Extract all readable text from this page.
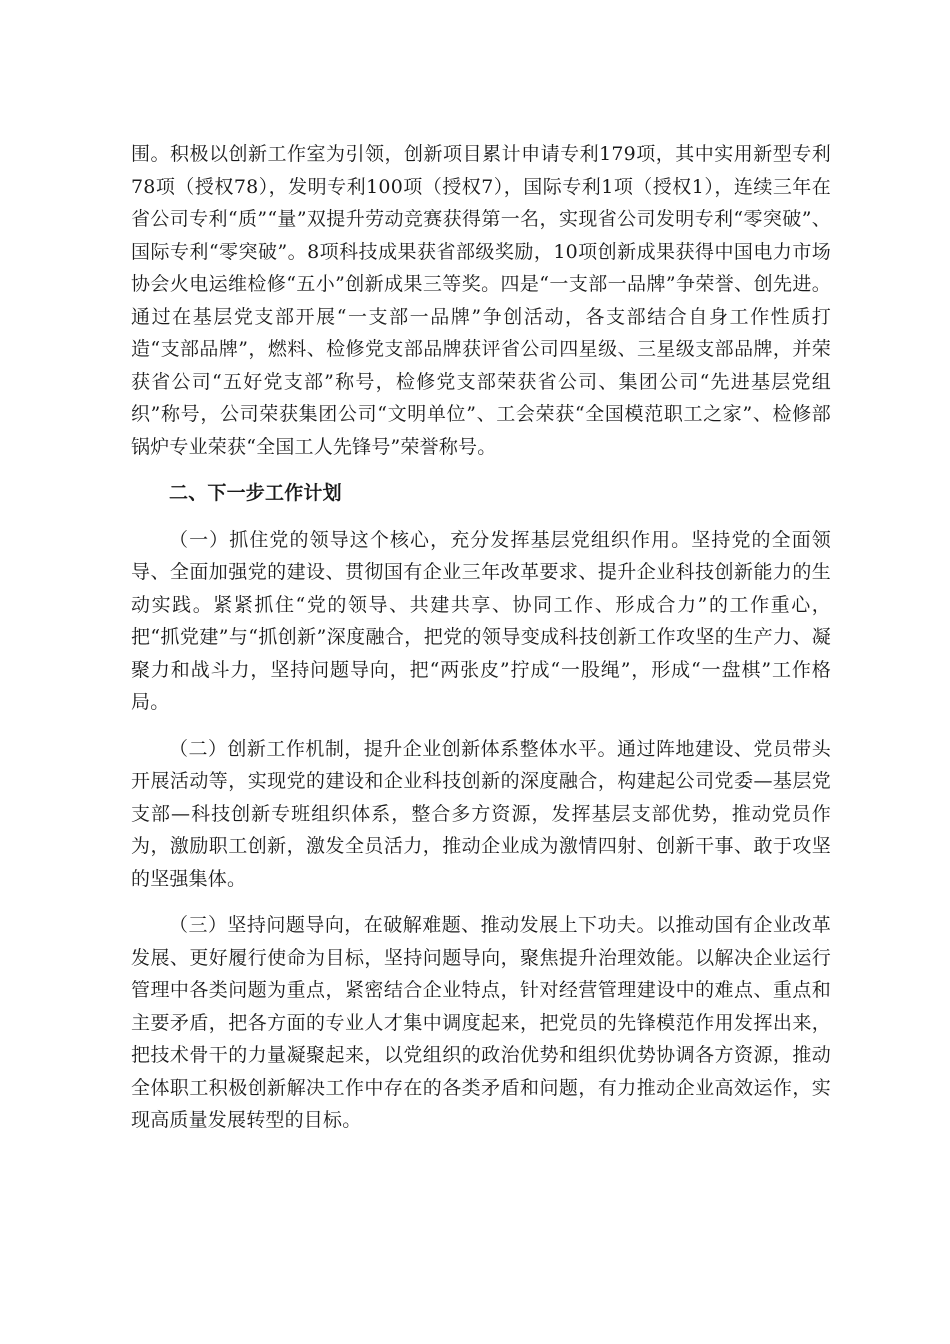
围。积极以创新工作室为引领，创新项目累计申请专利179项，其中实用新型专利78项（授权78），发明专利100项（授权7），国际专利1项（授权1），连续三年在省公司专利“质”“量”双提升劳动竞赛获得第一名，实现省公司发明专利“零突破”、国际专利“零突破”。8项科技成果获省部级奖励，10项创新成果获得中国电力市场协会火电运维检修“五小”创新成果三等奖。四是“一支部一品牌”争荣誉、创先进。通过在基层党支部开展“一支部一品牌”争创活动，各支部结合自身工作性质打造“支部品牌”，燃料、检修党支部品牌获评省公司四星级、三星级支部品牌，并荣获省公司“五好党支部”称号，检修党支部荣获省公司、集团公司“先进基层党组织”称号，公司荣获集团公司“文明单位”、工会荣获“全国模范职工之家”、检修部锅炉专业荣获“全国工人先锋号”荣誉称号。

二、下一步工作计划

（一）抓住党的领导这个核心，充分发挥基层党组织作用。坚持党的全面领导、全面加强党的建设、贯彻国有企业三年改革要求、提升企业科技创新能力的生动实践。紧紧抓住“党的领导、共建共享、协同工作、形成合力”的工作重心，把“抓党建”与“抓创新”深度融合，把党的领导变成科技创新工作攻坚的生产力、凝聚力和战斗力，坚持问题导向，把“两张皮”拧成“一股绳”，形成“一盘棋”工作格局。

（二）创新工作机制，提升企业创新体系整体水平。通过阵地建设、党员带头开展活动等，实现党的建设和企业科技创新的深度融合，构建起公司党委—基层党支部—科技创新专班组织体系，整合多方资源，发挥基层支部优势，推动党员作为，激励职工创新，激发全员活力，推动企业成为激情四射、创新干事、敢于攻坚的坚强集体。

（三）坚持问题导向，在破解难题、推动发展上下功夫。以推动国有企业改革发展、更好履行使命为目标，坚持问题导向，聚焦提升治理效能。以解决企业运行管理中各类问题为重点，紧密结合企业特点，针对经营管理建设中的难点、重点和主要矛盾，把各方面的专业人才集中调度起来，把党员的先锋模范作用发挥出来，把技术骨干的力量凝聚起来，以党组织的政治优势和组织优势协调各方资源，推动全体职工积极创新解决工作中存在的各类矛盾和问题，有力推动企业高效运作，实现高质量发展转型的目标。
